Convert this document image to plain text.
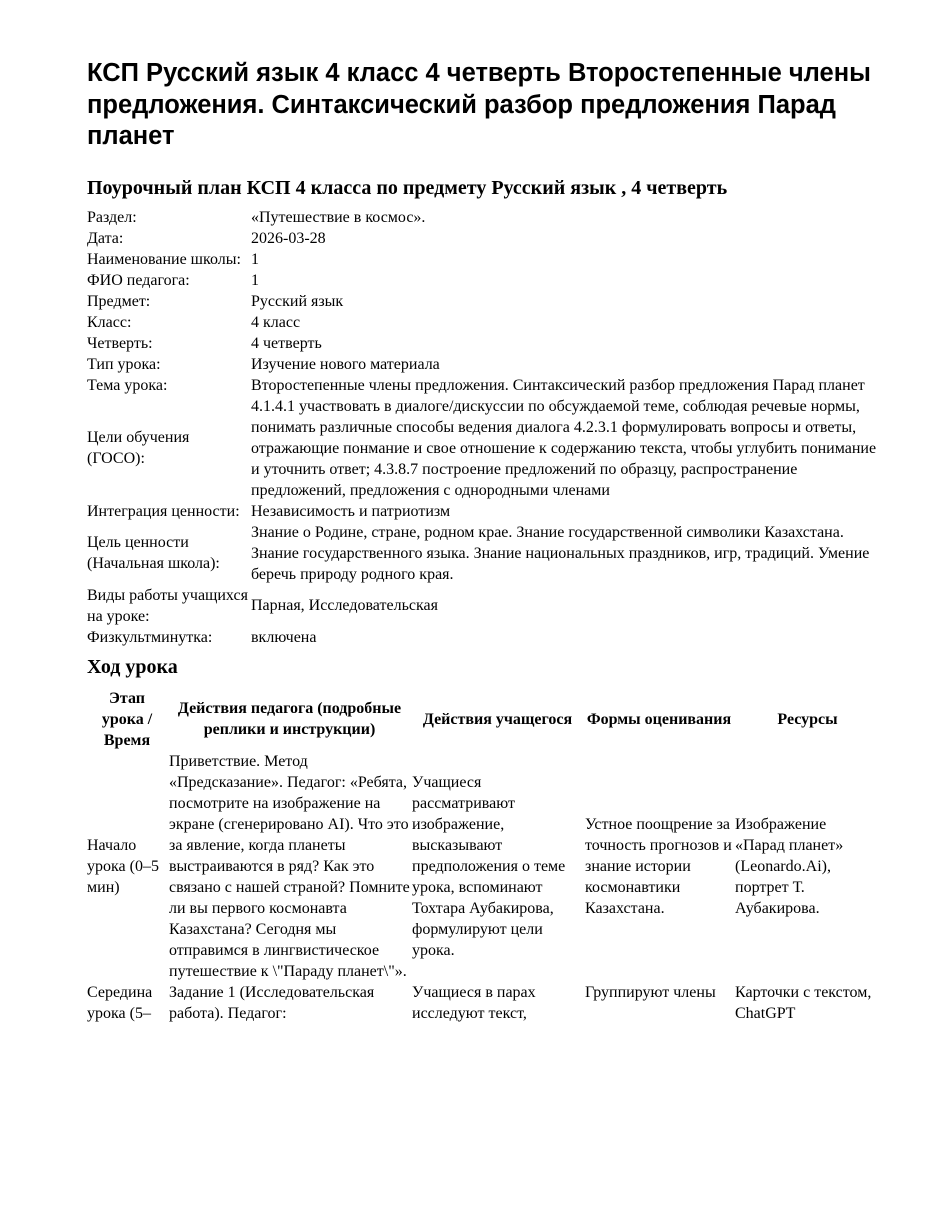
КСП Русский язык 4 класс 4 четверть Второстепенные члены предложения. Синтаксический разбор предложения Парад планет
Поурочный план КСП 4 класса по предмету Русский язык , 4 четверть
Раздел:	«Путешествие в космос».
Дата:	2026-03-28
Наименование школы:	1
ФИО педагога:	1
Предмет:	Русский язык
Класс:	4 класс
Четверть:	4 четверть
Тип урока:	Изучение нового материала
Тема урока:	Второстепенные члены предложения. Синтаксический разбор предложения Парад планет
Цели обучения (ГОСО):	4.1.4.1 участвовать в диалоге/дискуссии по обсуждаемой теме, соблюдая речевые нормы, понимать различные способы ведения диалога 4.2.3.1 формулировать вопросы и ответы, отражающие понмание и свое отношение к содержанию текста, чтобы углубить понимание и уточнить ответ; 4.3.8.7 построение предложений по образцу, распространение предложений, предложения с однородными членами
Интеграция ценности:	Независимость и патриотизм
Цель ценности (Начальная школа):	Знание о Родине, стране, родном крае. Знание государственной символики Казахстана. Знание государственного языка. Знание национальных праздников, игр, традиций. Умение беречь природу родного края.
Виды работы учащихся на уроке:	Парная, Исследовательская
Физкультминутка:	включена
Ход урока
Этап урока / Время	Действия педагога (подробные реплики и инструкции)	Действия учащегося	Формы оценивания	Ресурсы
Начало урока (0–5 мин)	Приветствие. Метод «Предсказание». Педагог: «Ребята, посмотрите на изображение на экране (сгенерировано AI). Что это за явление, когда планеты выстраиваются в ряд? Как это связано с нашей страной? Помните ли вы первого космонавта Казахстана? Сегодня мы отправимся в лингвистическое путешествие к \"Параду планет\"».	Учащиеся рассматривают изображение, высказывают предположения о теме урока, вспоминают Тохтара Аубакирова, формулируют цели урока.	Устное поощрение за точность прогнозов и знание истории космонавтики Казахстана.	Изображение «Парад планет» (Leonardo.Ai), портрет Т. Аубакирова.
Середина урока (5–	Задание 1 (Исследовательская работа). Педагог:	Учащиеся в парах исследуют текст,	Группируют члены	Карточки с текстом, ChatGPT
